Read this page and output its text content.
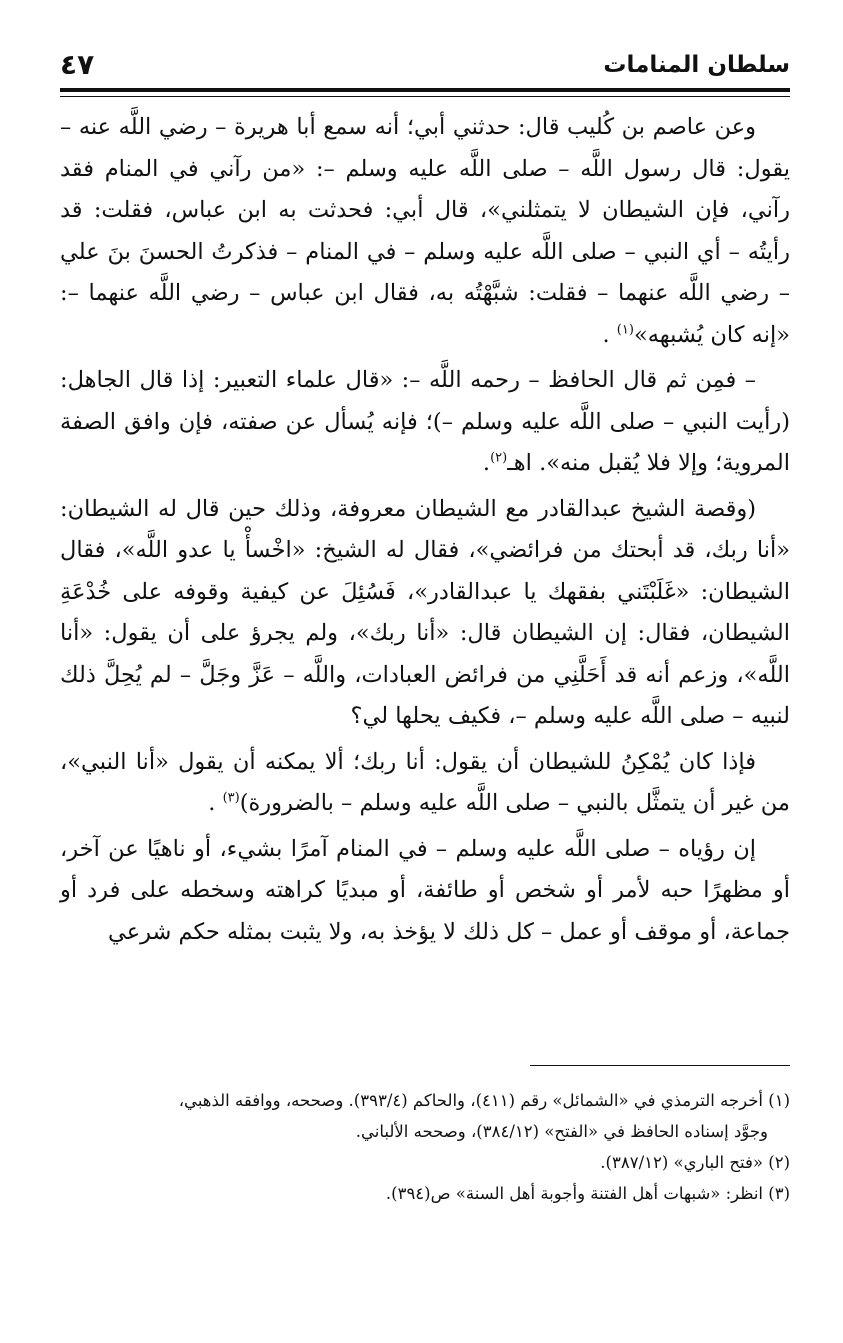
سلطان المنامات
٤٧

وعن عاصم بن كُليب قال: حدثني أبي؛ أنه سمع أبا هريرة – رضي اللَّه عنه – يقول: قال رسول اللَّه – صلى اللَّه عليه وسلم –: «من رآني في المنام فقد رآني، فإن الشيطان لا يتمثلني»، قال أبي: فحدثت به ابن عباس، فقلت: قد رأيتُه – أي النبي – صلى اللَّه عليه وسلم – في المنام – فذكرتُ الحسنَ بنَ علي – رضي اللَّه عنهما – فقلت: شبَّهْتُه به، فقال ابن عباس – رضي اللَّه عنهما –: «إنه كان يُشبهه»$^{(١)}$ .

– فمِن ثم قال الحافظ – رحمه اللَّه –: «قال علماء التعبير: إذا قال الجاهل: (رأيت النبي – صلى اللَّه عليه وسلم –)؛ فإنه يُسأل عن صفته، فإن وافق الصفة المروية؛ وإلا فلا يُقبل منه». اهـ$^{(٢)}$.

(وقصة الشيخ عبدالقادر مع الشيطان معروفة، وذلك حين قال له الشيطان: «أنا ربك، قد أبحتك من فرائضي»، فقال له الشيخ: «اخْسأْ يا عدو اللَّه»، فقال الشيطان: «غَلَبْتَني بفقهك يا عبدالقادر»، فَسُئِلَ عن كيفية وقوفه على خُدْعَةِ الشيطان، فقال: إن الشيطان قال: «أنا ربك»، ولم يجرؤ على أن يقول: «أنا اللَّه»، وزعم أنه قد أَحَلَّنِي من فرائض العبادات، واللَّه – عَزَّ وجَلَّ – لم يُحِلَّ ذلك لنبيه – صلى اللَّه عليه وسلم –، فكيف يحلها لي؟

فإذا كان يُمْكِنُ للشيطان أن يقول: أنا ربك؛ ألا يمكنه أن يقول «أنا النبي»، من غير أن يتمثَّل بالنبي – صلى اللَّه عليه وسلم – بالضرورة)$^{(٣)}$ .

إن رؤياه – صلى اللَّه عليه وسلم – في المنام آمرًا بشيء، أو ناهيًا عن آخر، أو مظهرًا حبه لأمر أو شخص أو طائفة، أو مبديًا كراهته وسخطه على فرد أو جماعة، أو موقف أو عمل – كل ذلك لا يؤخذ به، ولا يثبت بمثله حكم شرعي

(١) أخرجه الترمذي في «الشمائل» رقم (٤١١)، والحاكم (٣٩٣/٤). وصححه، ووافقه الذهبي،

وجوَّد إسناده الحافظ في «الفتح» (٣٨٤/١٢)، وصححه الألباني.

(٢) «فتح الباري» (٣٨٧/١٢).

(٣) انظر: «شبهات أهل الفتنة وأجوبة أهل السنة» ص(٣٩٤).
